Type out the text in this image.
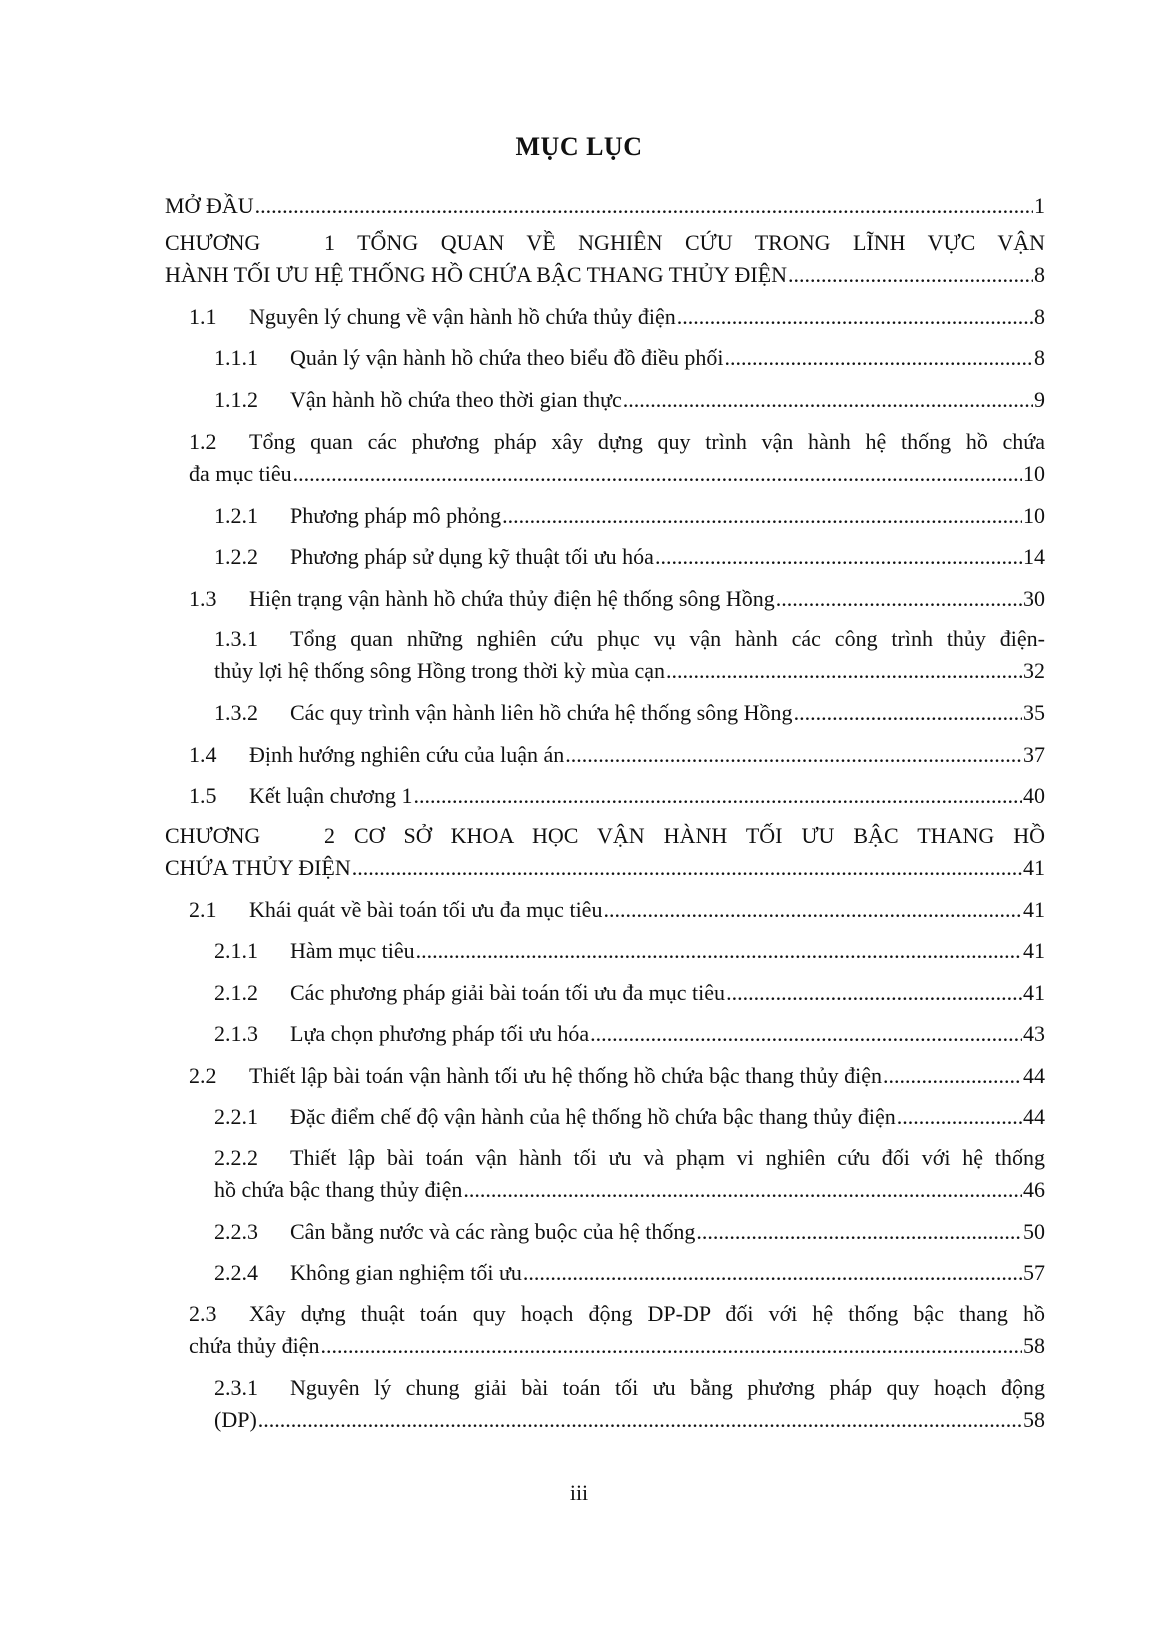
MỤC LỤC
MỞ ĐẦU .....	1
CHƯƠNG 1 TỔNG QUAN VỀ NGHIÊN CỨU TRONG LĨNH VỰC VẬN
HÀNH TỐI ƯU HỆ THỐNG HỒ CHỨA BẬC THANG THỦY ĐIỆN .....	8
1.1	Nguyên lý chung về vận hành hồ chứa thủy điện .....	8
1.1.1	Quản lý vận hành hồ chứa theo biểu đồ điều phối .....	8
1.1.2	Vận hành hồ chứa theo thời gian thực .....	9
1.2 Tổng quan các phương pháp xây dựng quy trình vận hành hệ thống hồ chứa
đa mục tiêu .....	10
1.2.1	Phương pháp mô phỏng .....	10
1.2.2	Phương pháp sử dụng kỹ thuật tối ưu hóa .....	14
1.3	Hiện trạng vận hành hồ chứa thủy điện hệ thống sông Hồng .....	30
1.3.1 Tổng quan những nghiên cứu phục vụ vận hành các công trình thủy điện-
thủy lợi hệ thống sông Hồng trong thời kỳ mùa cạn .....	32
1.3.2	Các quy trình vận hành liên hồ chứa hệ thống sông Hồng .....	35
1.4	Định hướng nghiên cứu của luận án .....	37
1.5	Kết luận chương 1 .....	40
CHƯƠNG 2 CƠ SỞ KHOA HỌC VẬN HÀNH TỐI ƯU BẬC THANG HỒ
CHỨA THỦY ĐIỆN .....	41
2.1	Khái quát về bài toán tối ưu đa mục tiêu .....	41
2.1.1	Hàm mục tiêu .....	41
2.1.2	Các phương pháp giải bài toán tối ưu đa mục tiêu .....	41
2.1.3	Lựa chọn phương pháp tối ưu hóa .....	43
2.2	Thiết lập bài toán vận hành tối ưu hệ thống hồ chứa bậc thang thủy điện .....	44
2.2.1	Đặc điểm chế độ vận hành của hệ thống hồ chứa bậc thang thủy điện .....	44
2.2.2 Thiết lập bài toán vận hành tối ưu và phạm vi nghiên cứu đối với hệ thống
hồ chứa bậc thang thủy điện .....	46
2.2.3	Cân bằng nước và các ràng buộc của hệ thống .....	50
2.2.4	Không gian nghiệm tối ưu .....	57
2.3 Xây dựng thuật toán quy hoạch động DP-DP đối với hệ thống bậc thang hồ
chứa thủy điện .....	58
2.3.1 Nguyên lý chung giải bài toán tối ưu bằng phương pháp quy hoạch động
(DP) .....	58
iii
